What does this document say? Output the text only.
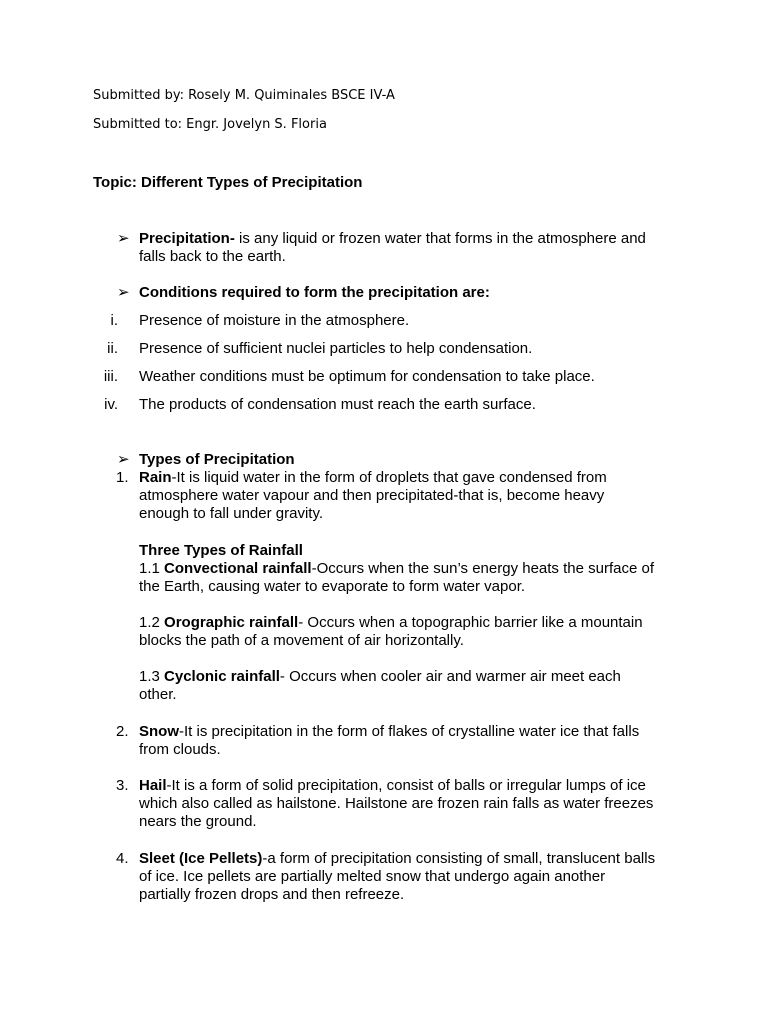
Submitted by: Rosely M. Quiminales BSCE IV-A
Submitted to: Engr. Jovelyn S. Floria
Topic: Different Types of Precipitation
➢ Precipitation- is any liquid or frozen water that forms in the atmosphere and
falls back to the earth.
➢ Conditions required to form the precipitation are:
i. Presence of moisture in the atmosphere.
ii. Presence of sufficient nuclei particles to help condensation.
iii. Weather conditions must be optimum for condensation to take place.
iv. The products of condensation must reach the earth surface.
➢ Types of Precipitation
1. Rain-It is liquid water in the form of droplets that gave condensed from
atmosphere water vapour and then precipitated-that is, become heavy
enough to fall under gravity.
Three Types of Rainfall
1.1 Convectional rainfall-Occurs when the sun’s energy heats the surface of
the Earth, causing water to evaporate to form water vapor.
1.2 Orographic rainfall- Occurs when a topographic barrier like a mountain
blocks the path of a movement of air horizontally.
1.3 Cyclonic rainfall- Occurs when cooler air and warmer air meet each
other.
2. Snow-It is precipitation in the form of flakes of crystalline water ice that falls
from clouds.
3. Hail-It is a form of solid precipitation, consist of balls or irregular lumps of ice
which also called as hailstone. Hailstone are frozen rain falls as water freezes
nears the ground.
4. Sleet (Ice Pellets)-a form of precipitation consisting of small, translucent balls
of ice. Ice pellets are partially melted snow that undergo again another
partially frozen drops and then refreeze.
